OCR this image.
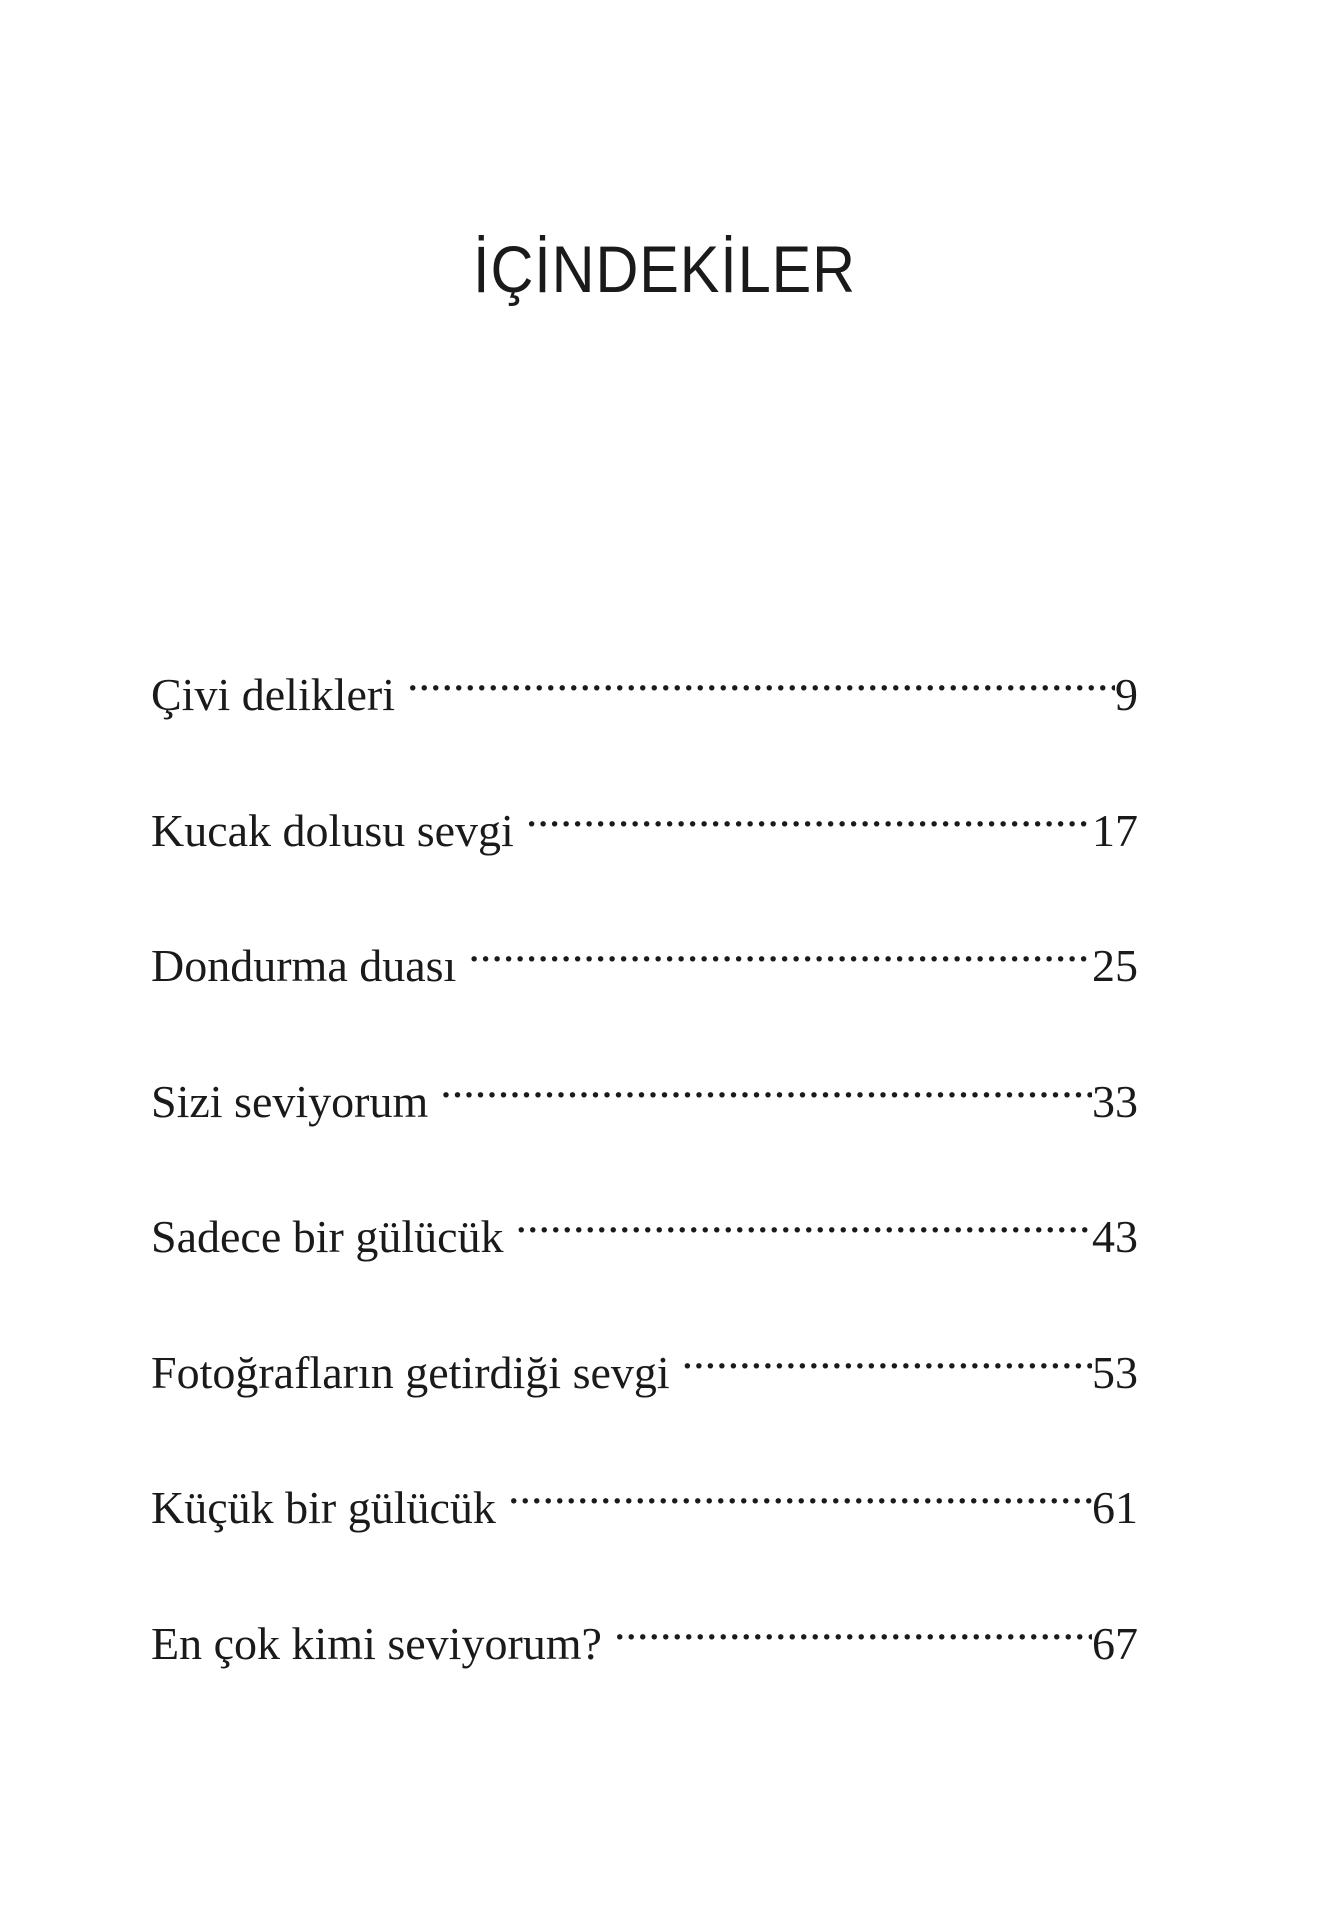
İÇİNDEKİLER
Çivi delikleri .....	9
Kucak dolusu sevgi .....	17
Dondurma duası .....	25
Sizi seviyorum .....	33
Sadece bir gülücük .....	43
Fotoğrafların getirdiği sevgi .....	53
Küçük bir gülücük .....	61
En çok kimi seviyorum? .....	67
